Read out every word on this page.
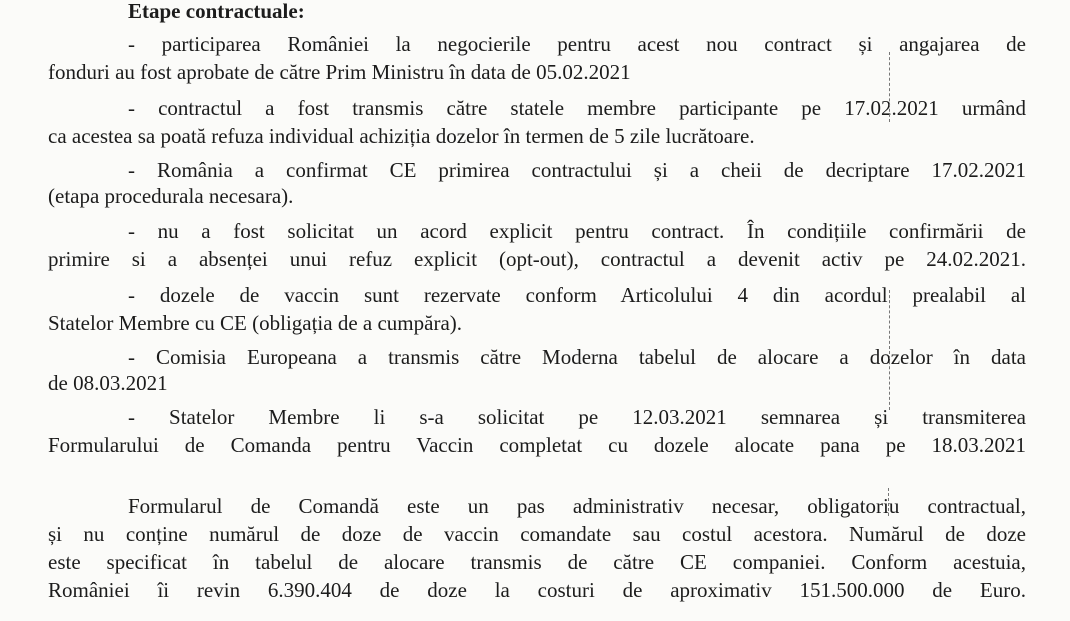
Etape contractuale:

- participarea României la negocierile pentru acest nou contract și angajarea de

fonduri au fost aprobate de către Prim Ministru în data de 05.02.2021

- contractul a fost transmis către statele membre participante pe 17.02.2021 urmând

ca acestea sa poată refuza individual achiziția dozelor în termen de 5 zile lucrătoare.

- România a confirmat CE primirea contractului și a cheii de decriptare 17.02.2021

(etapa procedurala necesara).

- nu a fost solicitat un acord explicit pentru contract. În condițiile confirmării de

primire si a absenței unui refuz explicit (opt-out), contractul a devenit activ pe 24.02.2021.

- dozele de vaccin sunt rezervate conform Articolului 4 din acordul prealabil al

Statelor Membre cu CE (obligația de a cumpăra).

- Comisia Europeana a transmis către Moderna tabelul de alocare a dozelor în data

de 08.03.2021

- Statelor Membre li s-a solicitat pe 12.03.2021 semnarea și transmiterea

Formularului de Comanda pentru Vaccin completat cu dozele alocate pana pe 18.03.2021

Formularul de Comandă este un pas administrativ necesar, obligatoriu contractual,

și nu conține numărul de doze de vaccin comandate sau costul acestora. Numărul de doze

este specificat în tabelul de alocare transmis de către CE companiei. Conform acestuia,

României îi revin 6.390.404 de doze la costuri de aproximativ 151.500.000 de Euro.
